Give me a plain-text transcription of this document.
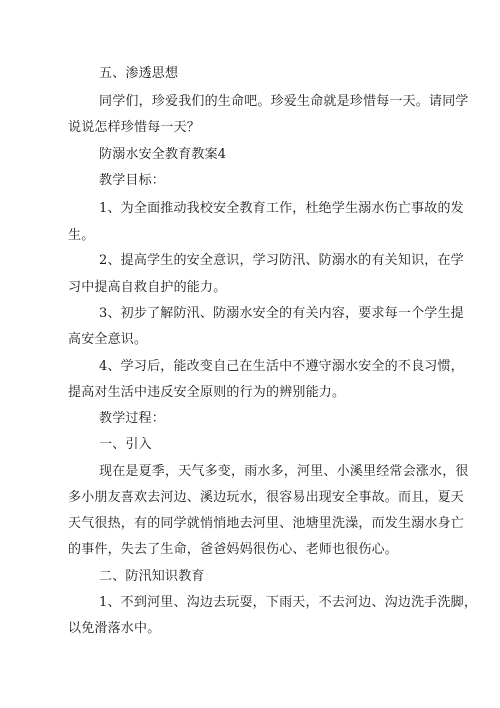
五、渗透思想
同学们，珍爱我们的生命吧。珍爱生命就是珍惜每一天。请同学
说说怎样珍惜每一天？
防溺水安全教育教案4
教学目标：
1、为全面推动我校安全教育工作，杜绝学生溺水伤亡事故的发
生。
2、提高学生的安全意识，学习防汛、防溺水的有关知识，在学
习中提高自救自护的能力。
3、初步了解防汛、防溺水安全的有关内容，要求每一个学生提
高安全意识。
4、学习后，能改变自己在生活中不遵守溺水安全的不良习惯，
提高对生活中违反安全原则的行为的辨别能力。
教学过程：
一、引入
现在是夏季，天气多变，雨水多，河里、小溪里经常会涨水，很
多小朋友喜欢去河边、溪边玩水，很容易出现安全事故。而且，夏天
天气很热，有的同学就悄悄地去河里、池塘里洗澡，而发生溺水身亡
的事件，失去了生命，爸爸妈妈很伤心、老师也很伤心。
二、防汛知识教育
1、不到河里、沟边去玩耍，下雨天，不去河边、沟边洗手洗脚，
以免滑落水中。
